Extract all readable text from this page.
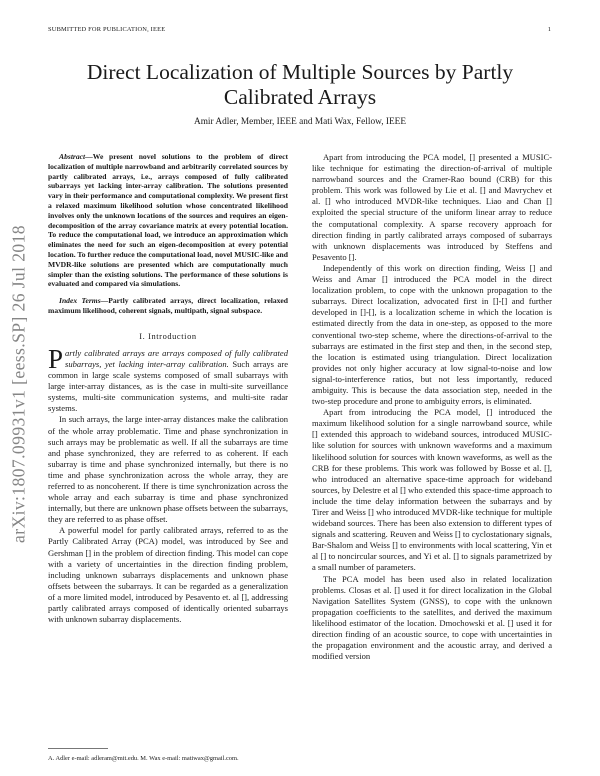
SUBMITTED FOR PUBLICATION, IEEE	1
arXiv:1807.09931v1 [eess.SP] 26 Jul 2018
Direct Localization of Multiple Sources by Partly Calibrated Arrays
Amir Adler, Member, IEEE and Mati Wax, Fellow, IEEE

Abstract—We present novel solutions to the problem of direct localization of multiple narrowband and arbitrarily correlated sources by partly calibrated arrays, i.e., arrays composed of fully calibrated subarrays yet lacking inter-array calibration. The solutions presented vary in their performance and computational complexity. We present first a relaxed maximum likelihood solution whose concentrated likelihood involves only the unknown locations of the sources and requires an eigen-decomposition of the array covariance matrix at every potential location. To reduce the computational load, we introduce an approximation which eliminates the need for such an eigen-decomposition at every potential location. To further reduce the computational load, novel MUSIC-like and MVDR-like solutions are presented which are computationally much simpler than the existing solutions. The performance of these solutions is evaluated and compared via simulations.

Index Terms—Partly calibrated arrays, direct localization, relaxed maximum likelihood, coherent signals, multipath, signal subspace.

I. Introduction

Partly calibrated arrays are arrays composed of fully calibrated subarrays, yet lacking inter-array calibration. Such arrays are common in large scale systems composed of small subarrays with large inter-array distances, as is the case in multi-site surveillance systems, multi-site communication systems, and multi-site radar systems.

In such arrays, the large inter-array distances make the calibration of the whole array problematic. Time and phase synchronization in such arrays may be problematic as well. If all the subarrays are time and phase synchronized, they are referred to as coherent. If each subarray is time and phase synchronized internally, but there is no time and phase synchronization across the whole array, they are referred to as noncoherent. If there is time synchronization across the whole array and each subarray is time and phase synchronized internally, but there are unknown phase offsets between the subarrays, they are referred to as phase offset.

A powerful model for partly calibrated arrays, referred to as the Partly Calibrated Array (PCA) model, was introduced by See and Gershman [] in the problem of direction finding. This model can cope with a variety of uncertainties in the direction finding problem, including unknown subarrays displacements and unknown phase offsets between the subarrays. It can be regarded as a generalization of a more limited model, introduced by Pesavento et. al [], addressing partly calibrated arrays composed of identically oriented subarrays with unknown subarray displacements.

Apart from introducing the PCA model, [] presented a MUSIC-like technique for estimating the direction-of-arrival of multiple narrowband sources and the Cramer-Rao bound (CRB) for this problem. This work was followed by Lie et al. [] and Mavrychev et al. [] who introduced MVDR-like techniques. Liao and Chan [] exploited the special structure of the uniform linear array to reduce the computational complexity. A sparse recovery approach for direction finding in partly calibrated arrays composed of subarrays with unknown displacements was introduced by Steffens and Pesavento [].

Independently of this work on direction finding, Weiss [] and Weiss and Amar [] introduced the PCA model in the direct localization problem, to cope with the unknown propagation to the subarrays. Direct localization, advocated first in []-[] and further developed in []-[], is a localization scheme in which the location is estimated directly from the data in one-step, as opposed to the more conventional two-step scheme, where the directions-of-arrival to the subarrays are estimated in the first step and then, in the second step, the location is estimated using triangulation. Direct localization provides not only higher accuracy at low signal-to-noise and low signal-to-interference ratios, but not less importantly, reduced ambiguity. This is because the data association step, needed in the two-step procedure and prone to ambiguity errors, is eliminated.

Apart from introducing the PCA model, [] introduced the maximum likelihood solution for a single narrowband source, while [] extended this approach to wideband sources, introduced MUSIC-like solution for sources with unknown waveforms and a maximum likelihood solution for sources with known waveforms, as well as the CRB for these problems. This work was followed by Bosse et al. [], who introduced an alternative space-time approach for wideband sources, by Delestre et al [] who extended this space-time approach to include the time delay information between the subarrays and by Tirer and Weiss [] who introduced MVDR-like technique for multiple wideband sources. There has been also extension to different types of signals and scattering. Reuven and Weiss [] to cyclostationary signals, Bar-Shalom and Weiss [] to environments with local scattering, Yin et al [] to noncircular sources, and Yi et al. [] to signals parametrized by a small number of parameters.

The PCA model has been used also in related localization problems. Closas et al. [] used it for direct localization in the Global Navigation Satellites System (GNSS), to cope with the unknown propagation coefficients to the satellites, and derived the maximum likelihood estimator of the location. Dmochowski et al. [] used it for direction finding of an acoustic source, to cope with uncertainties in the propagation environment and the acoustic array, and derived a modified version

A. Adler e-mail: adleram@mit.edu. M. Wax e-mail: matiwax@gmail.com.
